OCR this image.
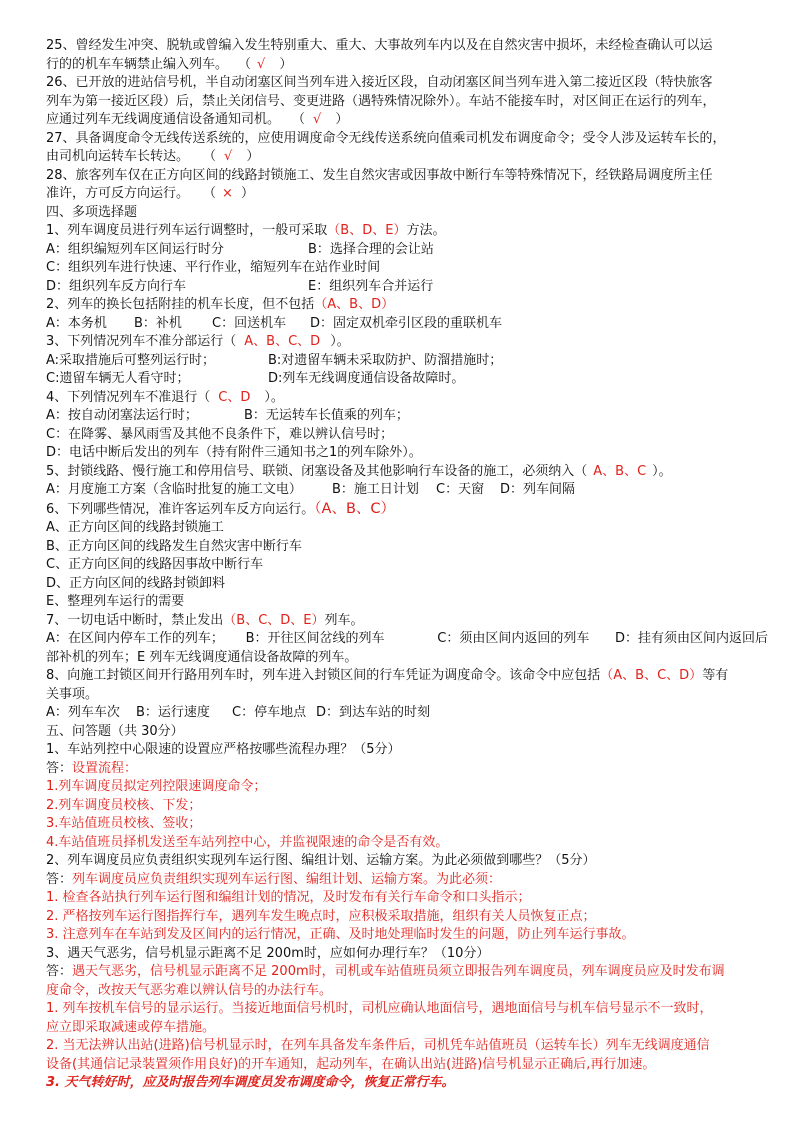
25、曾经发生冲突、脱轨或曾编入发生特别重大、重大、大事故列车内以及在自然灾害中损坏，未经检查确认可以运
行的的机车车辆禁止编入列车。 （ √ ）
26、已开放的进站信号机，半自动闭塞区间当列车进入接近区段，自动闭塞区间当列车进入第二接近区段（特快旅客
列车为第一接近区段）后，禁止关闭信号、变更进路（遇特殊情况除外）。车站不能接车时，对区间正在运行的列车，
应通过列车无线调度通信设备通知司机。 （ √ ）
27、具备调度命令无线传送系统的，应使用调度命令无线传送系统向值乘司机发布调度命令；受令人涉及运转车长的，
由司机向运转车长转达。 （ √ ）
28、旅客列车仅在正方向区间的线路封锁施工、发生自然灾害或因事故中断行车等特殊情况下，经铁路局调度所主任
准许，方可反方向运行。 （ × ）
四、多项选择题
1、列车调度员进行列车运行调整时，一般可采取（B、D、E）方法。
A：组织编短列车区间运行时分	B：选择合理的会让站
C：组织列车进行快速、平行作业，缩短列车在站作业时间
D：组织列车反方向行车	E：组织列车合并运行
2、列车的换长包括附挂的机车长度，但不包括（A、B、D）
A：本务机	B：补机	C：回送机车	D：固定双机牵引区段的重联机车
3、下列情况列车不准分部运行（ A、B、C、D ）。
A:采取措施后可整列运行时；	B:对遗留车辆未采取防护、防溜措施时；
C:遗留车辆无人看守时；	D:列车无线调度通信设备故障时。
4、下列情况列车不准退行（ C、D ）。
A：按自动闭塞法运行时；	B：无运转车长值乘的列车；
C：在降雾、暴风雨雪及其他不良条件下，难以辨认信号时；
D：电话中断后发出的列车（持有附件三通知书之1的列车除外）。
5、封锁线路、慢行施工和停用信号、联锁、闭塞设备及其他影响行车设备的施工，必须纳入（ A、B、C ）。
A：月度施工方案（含临时批复的施工文电）	B：施工日计划	C：天窗	D：列车间隔
6、下列哪些情况，准许客运列车反方向运行。（A、B、C）
A、正方向区间的线路封锁施工
B、正方向区间的线路发生自然灾害中断行车
C、正方向区间的线路因事故中断行车
D、正方向区间的线路封锁卸料
E、整理列车运行的需要
7、一切电话中断时，禁止发出（B、C、D、E）列车。
A：在区间内停车工作的列车；	B：开往区间岔线的列车	C：须由区间内返回的列车	D：挂有须由区间内返回后
部补机的列车；E 列车无线调度通信设备故障的列车。
8、向施工封锁区间开行路用列车时，列车进入封锁区间的行车凭证为调度命令。该命令中应包括（A、B、C、D）等有
关事项。
A：列车车次	B：运行速度	C：停车地点 D：到达车站的时刻
五、问答题（共 30分）
1、车站列控中心限速的设置应严格按哪些流程办理？（5分）
答：设置流程：
1.列车调度员拟定列控限速调度命令；
2.列车调度员校核、下发；
3.车站值班员校核、签收；
4.车站值班员择机发送至车站列控中心，并监视限速的命令是否有效。
2、列车调度员应负责组织实现列车运行图、编组计划、运输方案。为此必须做到哪些？（5分）
答：列车调度员应负责组织实现列车运行图、编组计划、运输方案。为此必须：
1. 检查各站执行列车运行图和编组计划的情况，及时发布有关行车命令和口头指示；
2. 严格按列车运行图指挥行车，遇列车发生晚点时，应积极采取措施，组织有关人员恢复正点；
3. 注意列车在车站到发及区间内的运行情况，正确、及时地处理临时发生的问题，防止列车运行事故。
3、遇天气恶劣，信号机显示距离不足 200m时，应如何办理行车？（10分）
答：遇天气恶劣，信号机显示距离不足 200m时，司机或车站值班员须立即报告列车调度员，列车调度员应及时发布调
度命令，改按天气恶劣难以辨认信号的办法行车。
1. 列车按机车信号的显示运行。当接近地面信号机时，司机应确认地面信号，遇地面信号与机车信号显示不一致时，
应立即采取减速或停车措施。
2. 当无法辨认出站(进路)信号机显示时，在列车具备发车条件后，司机凭车站值班员（运转车长）列车无线调度通信
设备(其通信记录装置须作用良好)的开车通知，起动列车，在确认出站(进路)信号机显示正确后,再行加速。
3. 天气转好时，应及时报告列车调度员发布调度命令，恢复正常行车。
